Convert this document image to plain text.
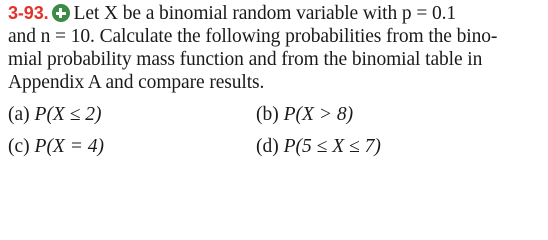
3-93. Let X be a binomial random variable with p = 0.1
and n = 10. Calculate the following probabilities from the bino-
mial probability mass function and from the binomial table in
Appendix A and compare results.
(a) P(X ≤ 2)	(b) P(X > 8)
(c) P(X = 4)	(d) P(5 ≤ X ≤ 7)
